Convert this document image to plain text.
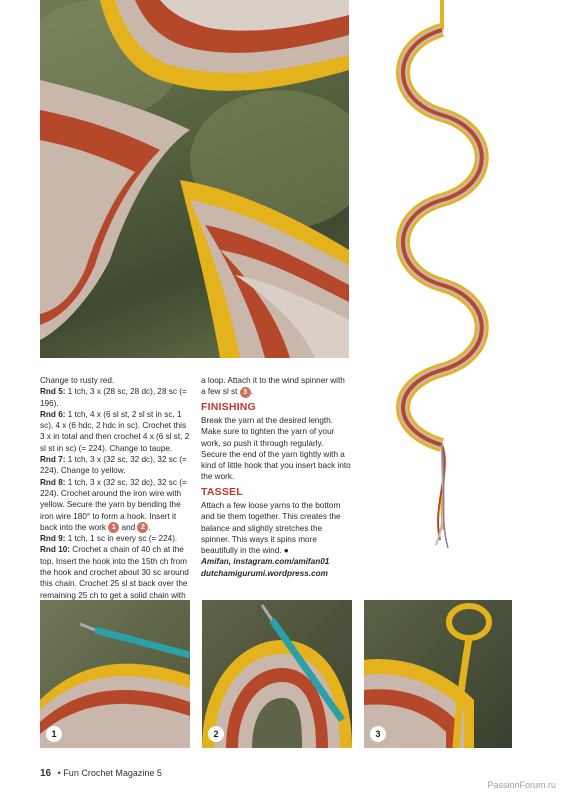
Change to rusty red.

Rnd 5: 1 tch, 3 x (28 sc, 28 dc), 28 sc (= 196).

Rnd 6: 1 tch, 4 x (6 sl st, 2 sl st in sc, 1 sc), 4 x (6 hdc, 2 hdc in sc). Crochet this 3 x in total and then crochet 4 x (6 sl st, 2 sl st in sc) (= 224). Change to taupe.

Rnd 7: 1 tch, 3 x (32 sc, 32 dc), 32 sc (= 224). Change to yellow.

Rnd 8: 1 tch, 3 x (32 sc, 32 dc), 32 sc (= 224). Crochet around the iron wire with yellow. Secure the yarn by bending the iron wire 180° to form a hook. Insert it back into the work 1 and 2 .

Rnd 9: 1 tch, 1 sc in every sc (= 224).

Rnd 10: Crochet a chain of 40 ch at the top. Insert the hook into the 15th ch from the hook and crochet about 30 sc around this chain. Crochet 25 sl st back over the remaining 25 ch to get a solid chain with

a loop. Attach it to the wind spinner with a few sl st 3 .

FINISHING

Break the yarn at the desired length. Make sure to tighten the yarn of your work, so push it through regularly. Secure the end of the yarn tightly with a kind of little hook that you insert back into the work.

TASSEL

Attach a few loose yarns to the bottom and tie them together. This creates the balance and slightly stretches the spinner. This ways it spins more beautifully in the wind. ●

Amifan, instagram.com/amifan01

dutchamigurumi.wordpress.com

1	2	3
16 • Fun Crochet Magazine 5
PassionForum.ru
